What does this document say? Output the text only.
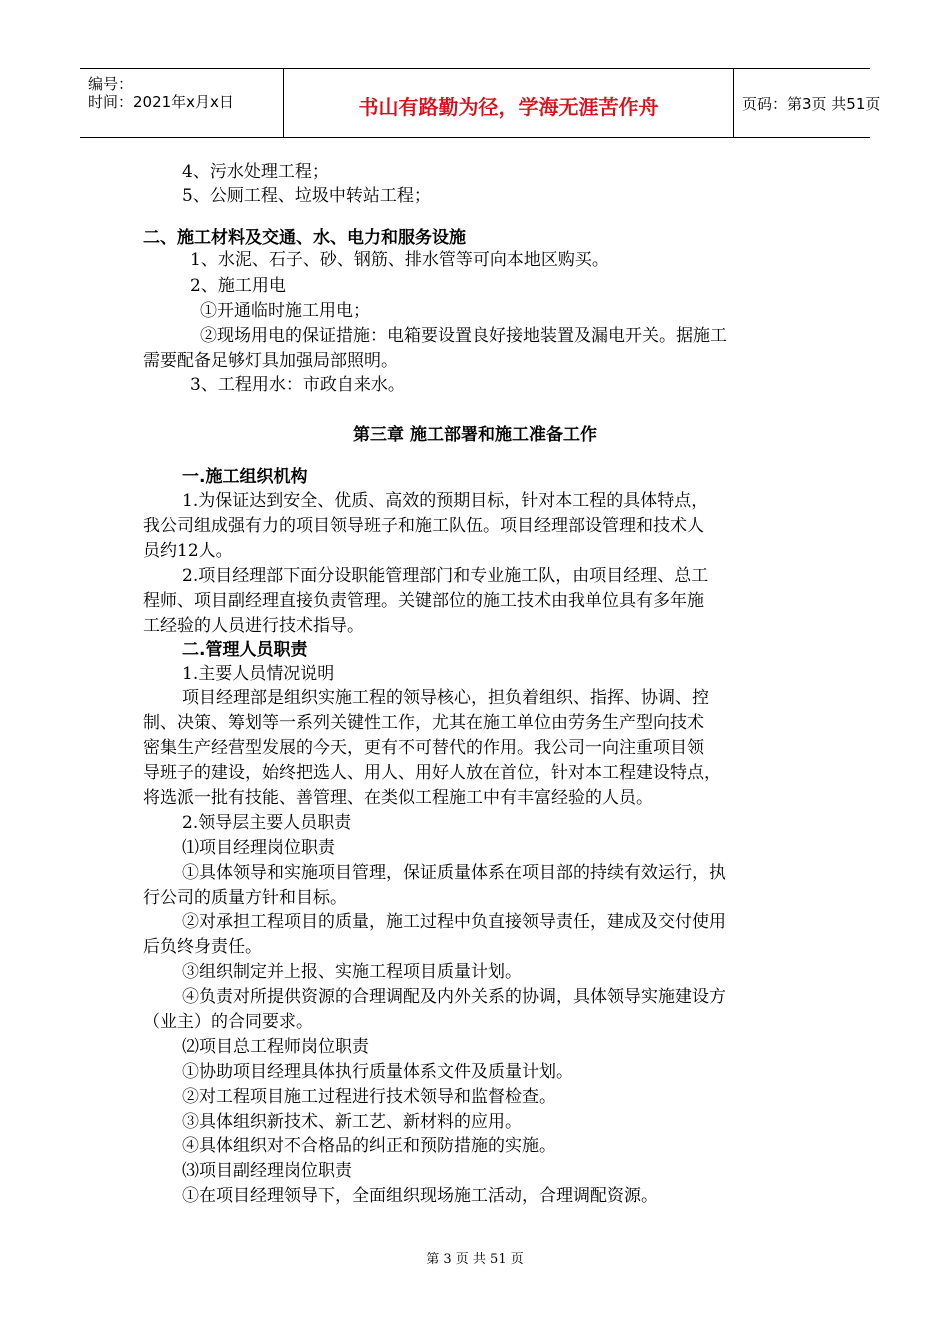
编号：
时间：2021年x月x日	书山有路勤为径，学海无涯苦作舟	页码：第3页 共51页
4、污水处理工程；
5、公厕工程、垃圾中转站工程；
二、施工材料及交通、水、电力和服务设施
1、水泥、石子、砂、钢筋、排水管等可向本地区购买。
2、施工用电
①开通临时施工用电；
②现场用电的保证措施：电箱要设置良好接地装置及漏电开关。据施工
需要配备足够灯具加强局部照明。
3、工程用水：市政自来水。
第三章 施工部署和施工准备工作
一.施工组织机构
1.为保证达到安全、优质、高效的预期目标，针对本工程的具体特点，
我公司组成强有力的项目领导班子和施工队伍。项目经理部设管理和技术人
员约12人。
2.项目经理部下面分设职能管理部门和专业施工队，由项目经理、总工
程师、项目副经理直接负责管理。关键部位的施工技术由我单位具有多年施
工经验的人员进行技术指导。
二.管理人员职责
1.主要人员情况说明
项目经理部是组织实施工程的领导核心，担负着组织、指挥、协调、控
制、决策、筹划等一系列关键性工作，尤其在施工单位由劳务生产型向技术
密集生产经营型发展的今天，更有不可替代的作用。我公司一向注重项目领
导班子的建设，始终把选人、用人、用好人放在首位，针对本工程建设特点，
将选派一批有技能、善管理、在类似工程施工中有丰富经验的人员。
2.领导层主要人员职责
⑴项目经理岗位职责
①具体领导和实施项目管理，保证质量体系在项目部的持续有效运行，执
行公司的质量方针和目标。
②对承担工程项目的质量，施工过程中负直接领导责任，建成及交付使用
后负终身责任。
③组织制定并上报、实施工程项目质量计划。
④负责对所提供资源的合理调配及内外关系的协调，具体领导实施建设方
（业主）的合同要求。
⑵项目总工程师岗位职责
①协助项目经理具体执行质量体系文件及质量计划。
②对工程项目施工过程进行技术领导和监督检查。
③具体组织新技术、新工艺、新材料的应用。
④具体组织对不合格品的纠正和预防措施的实施。
⑶项目副经理岗位职责
①在项目经理领导下，全面组织现场施工活动，合理调配资源。
第 3 页 共 51 页
